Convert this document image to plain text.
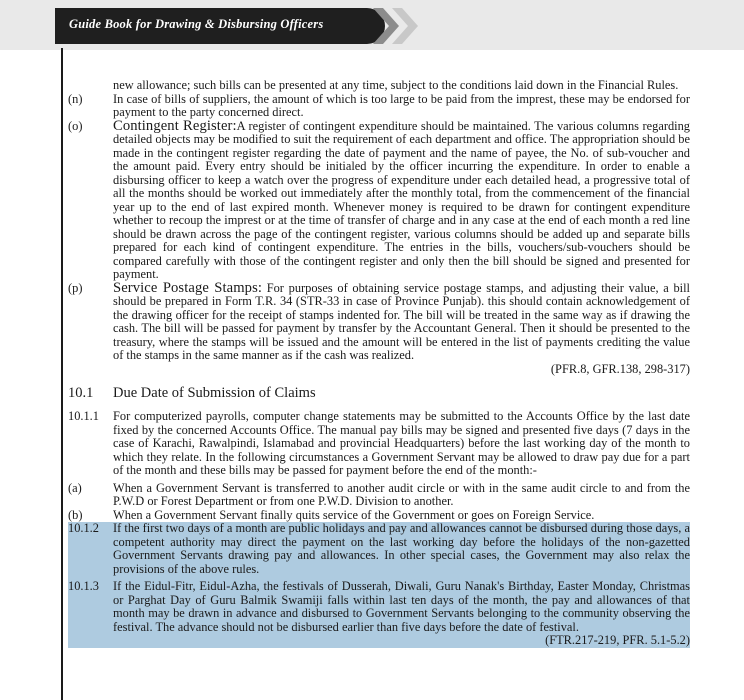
Guide Book for Drawing & Disbursing Officers
new allowance; such bills can be presented at any time, subject to the conditions laid down in the Financial Rules.
(n)	In case of bills of suppliers, the amount of which is too large to be paid from the imprest, these may be endorsed for payment to the party concerned direct.
(o)	Contingent Register:A register of contingent expenditure should be maintained. The various columns regarding detailed objects may be modified to suit the requirement of each department and office. The appropriation should be made in the contingent register regarding the date of payment and the name of payee, the No. of sub-voucher and the amount paid. Every entry should be initialed by the officer incurring the expenditure. In order to enable a disbursing officer to keep a watch over the progress of expenditure under each detailed head, a progressive total of all the months should be worked out immediately after the monthly total, from the commencement of the financial year up to the end of last expired month. Whenever money is required to be drawn for contingent expenditure whether to recoup the imprest or at the time of transfer of charge and in any case at the end of each month a red line should be drawn across the page of the contingent register, various columns should be added up and separate bills prepared for each kind of contingent expenditure. The entries in the bills, vouchers/sub-vouchers should be compared carefully with those of the contingent register and only then the bill should be signed and presented for payment.
(p)	Service Postage Stamps: For purposes of obtaining service postage stamps, and adjusting their value, a bill should be prepared in Form T.R. 34 (STR-33 in case of Province Punjab). this should contain acknowledgement of the drawing officer for the receipt of stamps indented for. The bill will be treated in the same way as if drawing the cash. The bill will be passed for payment by transfer by the Accountant General. Then it should be presented to the treasury, where the stamps will be issued and the amount will be entered in the list of payments crediting the value of the stamps in the same manner as if the cash was realized.
(PFR.8, GFR.138, 298-317)
10.1	Due Date of Submission of Claims
10.1.1	For computerized payrolls, computer change statements may be submitted to the Accounts Office by the last date fixed by the concerned Accounts Office. The manual pay bills may be signed and presented five days (7 days in the case of Karachi, Rawalpindi, Islamabad and provincial Headquarters) before the last working day of the month to which they relate. In the following circumstances a Government Servant may be allowed to draw pay due for a part of the month and these bills may be passed for payment before the end of the month:-
(a)	When a Government Servant is transferred to another audit circle or with in the same audit circle to and from the P.W.D or Forest Department or from one P.W.D. Division to another.
(b)	When a Government Servant finally quits service of the Government or goes on Foreign Service.
10.1.2	If the first two days of a month are public holidays and pay and allowances cannot be disbursed during those days, a competent authority may direct the payment on the last working day before the holidays of the non-gazetted Government Servants drawing pay and allowances. In other special cases, the Government may also relax the provisions of the above rules.
10.1.3	If the Eidul-Fitr, Eidul-Azha, the festivals of Dusserah, Diwali, Guru Nanak's Birthday, Easter Monday, Christmas or Parghat Day of Guru Balmik Swamiji falls within last ten days of the month, the pay and allowances of that month may be drawn in advance and disbursed to Government Servants belonging to the community observing the festival. The advance should not be disbursed earlier than five days before the date of festival.
(FTR.217-219, PFR. 5.1-5.2)
